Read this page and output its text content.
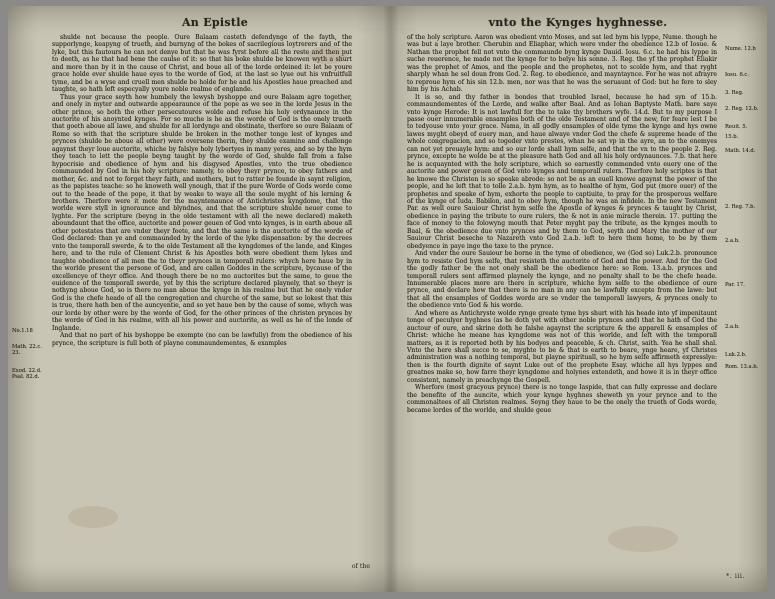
An Epistle
No.1.18
Math. 22.c. 23.
Exod. 22.d. Psal. 82.d.

shulde not because the people. Oure Balaam casteth defendynge of the fayth, the supporlynge, keapyng of trueth, and burnyng of the bokes of sacrilegious loytrerers and of the lyke, but this fautours he can not denye but that he was fyrst before all the reste and then put to deeth, as he that had bene the caulse of it: so that his boke shulde be knowen wyth a shurt and more than by it in the cause of Christ, and boue all of the lorde ordeined it: let be youre grace holde ever shulde haue eyes to the worde of God, at the last so lyue out his vnfruitfull tyme, and be a wyse and cruell men shulde be holde for he and his Apostles haue preached and taughte, so hath left especyally youre noble realme of englande.

Thus your grace seyth how humbely the lewysh byshoppe and oure Balaam agre together, and onely in myter and outwarde appearaunce of the pope as we see in the lorde Jesus in the other prince, so both the other persecutoures wolde and refuse his holy ordynaunce in the auctorite of his anoynted kynges. For so muche is he as the worde of God is the onely trueth that goeth aboue all lawe, and shulde for all lordynge and obstinate, therfore so oure Balaam of Rome so with that the scripture shulde be broken in the mother tonge lest of kynges and prynces (shulde be aboue all other) were oversene therin, they shulde examine and challenge agaynst theyr loue auctorite, whiche by falslye holy lybertyes in many yeres, and so by the hym they teach to lett the people beyng taught by the worde of God, shulde fall from a false hypocrisie and obedience of hym and his disgysed Apostles, vnto the true obedience commaunded by God in his holy scripture: namely, to obey theyr prynce, to obey fathers and mother, &c. and not to forget theyr faith, and mothers, but to ratter be founde in saynt religion, as the papistes teache: so he knoweth well ynough, that if the pure Worde of Gods worde come out to the heade of the pope, it that by weake to waye all the soule myght of his lerning & brothers. Therfore were it mete for the mayntenaunce of Antichristes kyngdome, that the worlde were styll in ignoraunce and blyndnes, and that the scripture shulde neuer come to lyghte. For the scripture (beyng in the olde testament with all the newe declared) maketh aboundaunt that the office, auctorite and power geuen of God vnto kynges, is in earth aboue all other potestates that are vnder theyr feete, and that the same is the auctorite of the worde of God declared: than ye and commaunded by the lorde of the lyke dispensation: by the decrees vnto the temporall swerde, & to the olde Testament all the kyngdomes of the lande, and Kinges here, and to the rule of Clement Christ & his Apostles both were obedient them lykes and taughte obedience of all men the to theyr prynces in temporall rulers: whych here haue by in the worlde present the persone of God, and are callen Goddes in the scripture, bycause of the excellencye of theyr office. And though there be no mo auctorites but the same, to geue the euidence of the temporall swerde, yet by this the scripture declared playnely, that so theyr is nothyng aboue God, so is there no man aboue the kynge in his realme but that he onely vnder God is the chefe heade of all the congregation and churche of the same, but so lokest that this is true, there hath ben of the auncyentie, and so yet haue ben by the cause of some, whych was our lorde by other were by the worde of God, for the other princes of the christen prynces by the worde of God in his realme, with all his power and auctorite, as well as he of the londe of Inglande.

And that no part of his byshoppe be exempte (no can be lawfully) from the obedience of his prynce, the scripture is full both of playne commaundementes, & examples

of the
vnto the Kynges hyghnesse.
Nume. 12.b
Iosu. 6.c.
3. Reg.
2. Reg. 12.b.
Reuit. 5.
15.b.
Math. 14.d.
2. Reg. 7.b.
2.a.b.
Par. 17.
2.a.b.
Luk.2.b.
Rom. 13.a.b.

of the holy scripture. Aaron was obedient vnto Moses, and sat led hym his lyppe, Nume. though he was but a laye brother. Cherubin and Eliaphar, which were vnder the obedience 12.b of Iosue. & Nathan the prophet fell not vnto the commaunde byng kynge Dauid. Iosu. 6.c. he had his lyppe in suche reuerence, he made not the kynge for to belye his sonne. 3. Reg. the yf the prophet Eliakir was the prophet of Amos, and the people and the prophetes, not to scolde hym, and that ryght sharply whan he sel doun from God. 2. Reg. to obedience, and mayntaynce. For he was not afrayre to reproue hym of his sin 12.b. men, nor was that he was the seruaunt of God: but he fere to sley him by his Achab.

It is so, and thy father in bondes that troubled Israel, because he had syn of 15.b. commaundementes of the Lorde, and walke after Baal. And as Iohan Baptyste Math. bare saye vnto kynge Herode: It is not lawfull for the to take thy brothers wyfe. 14.d. But to my purpose I passe ouer innumerable ensamples both of the olde Testament and of the new, for feare lest I be to tedyouse vnto your grace. Nama, in all godly ensamples of olde tyme the kynge and hys owne lawes myght obeyd of euery man, and haue alwaye vnder God the chefe & supreme heade of the whole congregacion, and so togeder vnto prestes, whan he sat vp in the ayre, an to the enemyes can not yet preuayle hym: and so our lorde shall hym selfe, and that the vn to the people 2. Reg. prynce, excepte he wolde be at the pleasure hath God and all his holy ordynaunces. 7.b. that here he is acquaynted with the holy scripture, which so earnestly commended vnto euery one of the auctorite and power geuen of God vnto kynges and temporall rulers. Therfore holy scriptes is that he knowe the Christen is so speake abrode: so not be as an euell knowe agaynst the power of the people, and he left that to tolle 2.a.b. hym hym, as to healthe of hym, God put (more ouer) of the prophetes and speake of hym, exhorte the people to captiuite, to pray for the prosperous welfare of the kynge of Iuda. Babilon, and to obey hym, though he was an infidele. In the new Testament Par. as well oure Sauiour Christ hym selfe the Apostle of kynges & prynces & taught by Christ, obedience in paying the tribute to oure rulers, the & not in anie miracle therein. 17. putting the face of money to the folowyng mouth that Peter myght pay the tribute, as the kynges mouth to Baal, & the obedience due vnto prynces and by them to God, seyth and Mary the mother of our Sauiour Christ beseche to Nazareth vnto God 2.a.b. left to here them home, to be by them obedyence in paye inge the taxe to the prynce.

And vnder the oure Sauiour be borne in the tyme of obedience, we (God so) Luk.2.b. pronounce hym to resiste God hym selfe, that resisteth the auctorite of God and the power. And for the God the godly father be the not onely shall be the obedience here: so Rom. 13.a.b. prynces and temporall rulers sent affirmed playnely the kynge, and no penalty shall to be the chefe heade. Innumerable places more are there in scripture, whiche hym selfe to the obedience of oure prynce, and declare how that there is no man in any can be lawfully excepte from the lawe: but that all the ensamples of Goddes worde are so vnder the temporall lawyers, & prynces onely to the obedience vnto God & his worde.

And where as Antichryste wolde rynge greate tyme hys shurt with his heade into yf impenitaunt tonge of peculyer hyghnes (as he doth yet with other noble prynces and) that he hath of God the auctour of oure, and skrine doth he falshe agaynst the scripture & the apparell & ensamples of Christ: whiche he meane has kyngdome was not of this worlde, and left with the temporall matters, as it is reported both by his bodyes and peaceble, & ch. Christ, saith. Yea he shall shal. Vnto the here shall succe to se, myghte to be & that is earth to beare, ynge heare, yf Christes administration was a nothing temporal, but playne spirituall, so he hym selfe affirmeth expresslye: then is the fourth dignite of saynt Luke out of the prophete Esay. whiche all hys lyppes and greatnes make so, how farre theyr kyngdome and holynes extendeth, and howe it is in theyr office consistent, namely in preachynge the Gospell.

Wherfore (most gracyous prynce) there is no tonge Iaspide, that can fully expresse and declare the benefite of the auncite, which your kynge hyghnes sheweth yn your prynce and to the commonaltees of all Christen realmes. Seyng they haue to be the onely the trueth of Gods worde, became lordes of the worlde, and shulde geue

*. iii.
